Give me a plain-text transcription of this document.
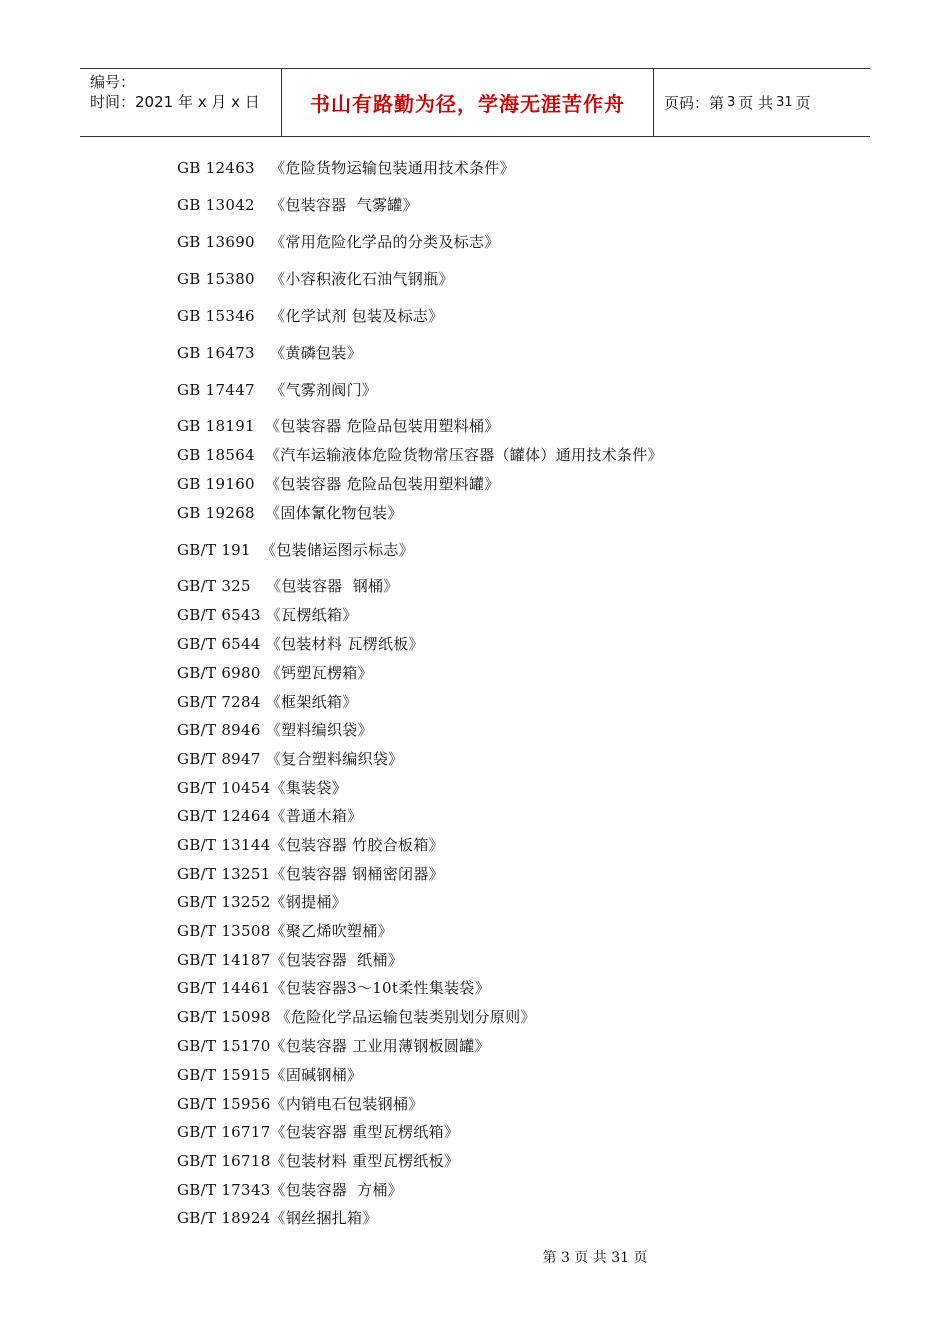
编号：
时间：2021 年 x 月 x 日	书山有路勤为径，学海无涯苦作舟	页码：第 3 页 共 31 页
GB 12463   《危险货物运输包装通用技术条件》
GB 13042   《包装容器  气雾罐》
GB 13690   《常用危险化学品的分类及标志》
GB 15380   《小容积液化石油气钢瓶》
GB 15346   《化学试剂 包装及标志》
GB 16473   《黄磷包装》
GB 17447   《气雾剂阀门》
GB 18191  《包装容器 危险品包装用塑料桶》
GB 18564  《汽车运输液体危险货物常压容器（罐体）通用技术条件》
GB 19160  《包装容器 危险品包装用塑料罐》
GB 19268  《固体氰化物包装》
GB/T 191  《包装储运图示标志》
GB/T 325   《包装容器  钢桶》
GB/T 6543 《瓦楞纸箱》
GB/T 6544 《包装材料 瓦楞纸板》
GB/T 6980 《钙塑瓦楞箱》
GB/T 7284 《框架纸箱》
GB/T 8946 《塑料编织袋》
GB/T 8947 《复合塑料编织袋》
GB/T 10454《集装袋》
GB/T 12464《普通木箱》
GB/T 13144《包装容器 竹胶合板箱》
GB/T 13251《包装容器 钢桶密闭器》
GB/T 13252《钢提桶》
GB/T 13508《聚乙烯吹塑桶》
GB/T 14187《包装容器  纸桶》
GB/T 14461《包装容器3～10t柔性集装袋》
GB/T 15098 《危险化学品运输包装类别划分原则》
GB/T 15170《包装容器 工业用薄钢板圆罐》
GB/T 15915《固碱钢桶》
GB/T 15956《内销电石包装钢桶》
GB/T 16717《包装容器 重型瓦楞纸箱》
GB/T 16718《包装材料 重型瓦楞纸板》
GB/T 17343《包装容器  方桶》
GB/T 18924《钢丝捆扎箱》
第 3 页 共 31 页
